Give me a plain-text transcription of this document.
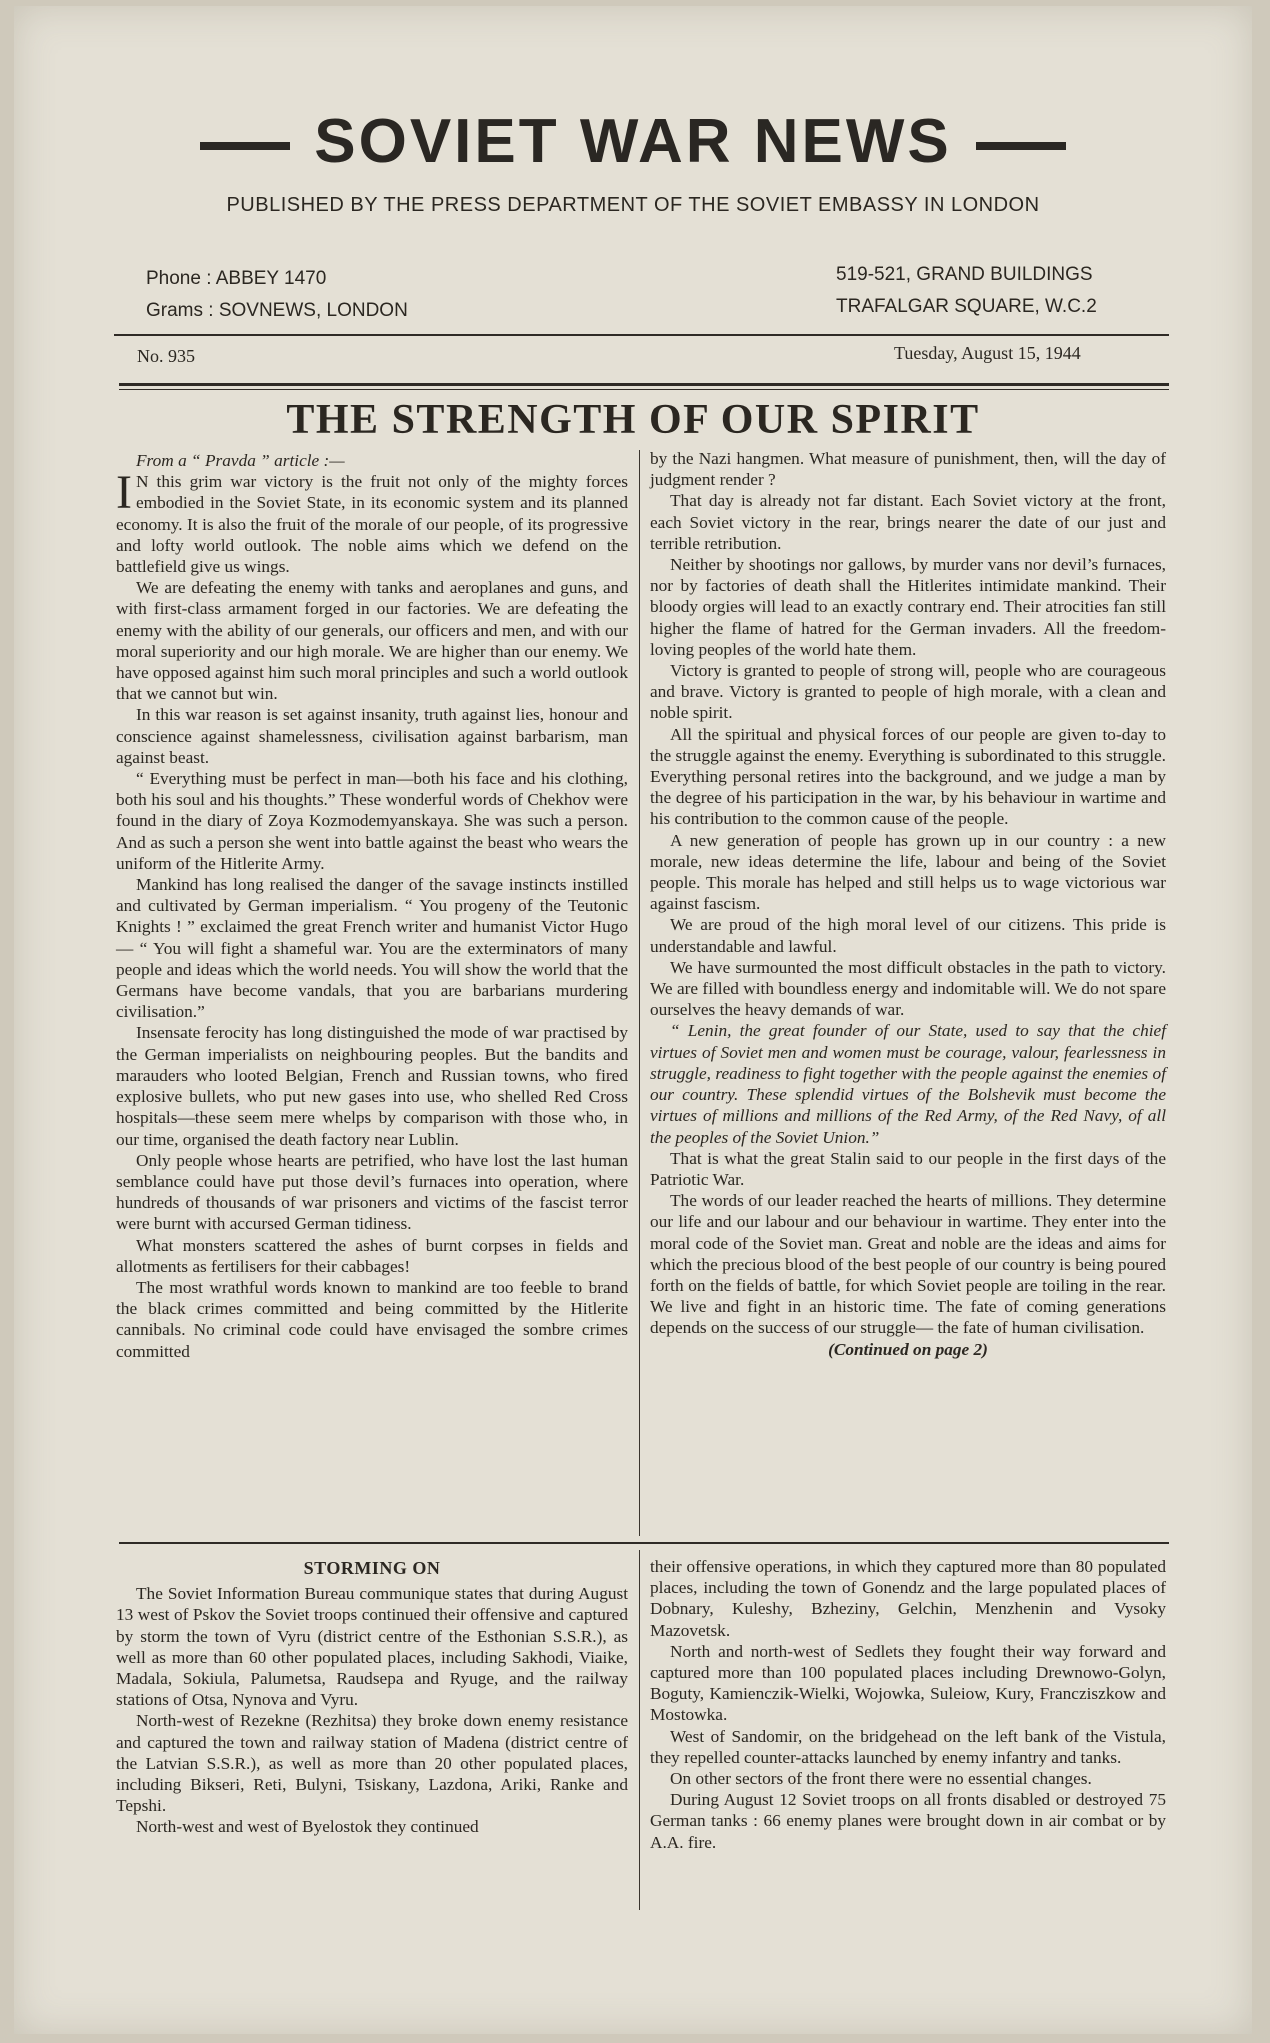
SOVIET WAR NEWS
PUBLISHED BY THE PRESS DEPARTMENT OF THE SOVIET EMBASSY IN LONDON
Phone : ABBEY 1470
Grams : SOVNEWS, LONDON
519-521, GRAND BUILDINGS
TRAFALGAR SQUARE, W.C.2
No. 935	Tuesday, August 15, 1944
THE STRENGTH OF OUR SPIRIT

From a “ Pravda ” article :—

I N this grim war victory is the fruit not only of the mighty forces embodied in the Soviet State, in its economic system and its planned economy. It is also the fruit of the morale of our people, of its progressive and lofty world outlook. The noble aims which we defend on the battlefield give us wings.

We are defeating the enemy with tanks and aeroplanes and guns, and with first-class armament forged in our factories. We are defeating the enemy with the ability of our generals, our officers and men, and with our moral superiority and our high morale. We are higher than our enemy. We have opposed against him such moral principles and such a world outlook that we cannot but win.

In this war reason is set against insanity, truth against lies, honour and conscience against shamelessness, civilisation against barbarism, man against beast.

“ Everything must be perfect in man—both his face and his clothing, both his soul and his thoughts.” These wonderful words of Chekhov were found in the diary of Zoya Kozmodemyanskaya. She was such a person. And as such a person she went into battle against the beast who wears the uniform of the Hitlerite Army.

Mankind has long realised the danger of the savage instincts instilled and cultivated by German imperialism. “ You progeny of the Teutonic Knights ! ” exclaimed the great French writer and humanist Victor Hugo— “ You will fight a shameful war. You are the exterminators of many people and ideas which the world needs. You will show the world that the Germans have become vandals, that you are barbarians murdering civilisation.”

Insensate ferocity has long distinguished the mode of war practised by the German imperialists on neighbouring peoples. But the bandits and marauders who looted Belgian, French and Russian towns, who fired explosive bullets, who put new gases into use, who shelled Red Cross hospitals—these seem mere whelps by comparison with those who, in our time, organised the death factory near Lublin.

Only people whose hearts are petrified, who have lost the last human semblance could have put those devil’s furnaces into operation, where hundreds of thousands of war prisoners and victims of the fascist terror were burnt with accursed German tidiness.

What monsters scattered the ashes of burnt corpses in fields and allotments as fertilisers for their cabbages!

The most wrathful words known to mankind are too feeble to brand the black crimes committed and being committed by the Hitlerite cannibals. No criminal code could have envisaged the sombre crimes committed

by the Nazi hangmen. What measure of punishment, then, will the day of judgment render ?

That day is already not far distant. Each Soviet victory at the front, each Soviet victory in the rear, brings nearer the date of our just and terrible retribution.

Neither by shootings nor gallows, by murder vans nor devil’s furnaces, nor by factories of death shall the Hitlerites intimidate mankind. Their bloody orgies will lead to an exactly contrary end. Their atrocities fan still higher the flame of hatred for the German invaders. All the freedom-loving peoples of the world hate them.

Victory is granted to people of strong will, people who are courageous and brave. Victory is granted to people of high morale, with a clean and noble spirit.

All the spiritual and physical forces of our people are given to-day to the struggle against the enemy. Everything is subordinated to this struggle. Everything personal retires into the background, and we judge a man by the degree of his participation in the war, by his behaviour in wartime and his contribution to the common cause of the people.

A new generation of people has grown up in our country : a new morale, new ideas determine the life, labour and being of the Soviet people. This morale has helped and still helps us to wage victorious war against fascism.

We are proud of the high moral level of our citizens. This pride is understandable and lawful.

We have surmounted the most difficult obstacles in the path to victory. We are filled with boundless energy and indomitable will. We do not spare ourselves the heavy demands of war.

“ Lenin, the great founder of our State, used to say that the chief virtues of Soviet men and women must be courage, valour, fearlessness in struggle, readiness to fight together with the people against the enemies of our country. These splendid virtues of the Bolshevik must become the virtues of millions and millions of the Red Army, of the Red Navy, of all the peoples of the Soviet Union.”

That is what the great Stalin said to our people in the first days of the Patriotic War.

The words of our leader reached the hearts of millions. They determine our life and our labour and our behaviour in wartime. They enter into the moral code of the Soviet man. Great and noble are the ideas and aims for which the precious blood of the best people of our country is being poured forth on the fields of battle, for which Soviet people are toiling in the rear. We live and fight in an historic time. The fate of coming generations depends on the success of our struggle— the fate of human civilisation.

(Continued on page 2)

STORMING ON

The Soviet Information Bureau communique states that during August 13 west of Pskov the Soviet troops continued their offensive and captured by storm the town of Vyru (district centre of the Esthonian S.S.R.), as well as more than 60 other populated places, including Sakhodi, Viaike, Madala, Sokiula, Palumetsa, Raudsepa and Ryuge, and the railway stations of Otsa, Nynova and Vyru.

North-west of Rezekne (Rezhitsa) they broke down enemy resistance and captured the town and railway station of Madena (district centre of the Latvian S.S.R.), as well as more than 20 other populated places, including Bikseri, Reti, Bulyni, Tsiskany, Lazdona, Ariki, Ranke and Tepshi.

North-west and west of Byelostok they continued

their offensive operations, in which they captured more than 80 populated places, including the town of Gonendz and the large populated places of Dobnary, Kuleshy, Bzheziny, Gelchin, Menzhenin and Vysoky Mazovetsk.

North and north-west of Sedlets they fought their way forward and captured more than 100 populated places including Drewnowo-Golyn, Boguty, Kamienczik-Wielki, Wojowka, Suleiow, Kury, Francziszkow and Mostowka.

West of Sandomir, on the bridgehead on the left bank of the Vistula, they repelled counter-attacks launched by enemy infantry and tanks.

On other sectors of the front there were no essential changes.

During August 12 Soviet troops on all fronts disabled or destroyed 75 German tanks : 66 enemy planes were brought down in air combat or by A.A. fire.
